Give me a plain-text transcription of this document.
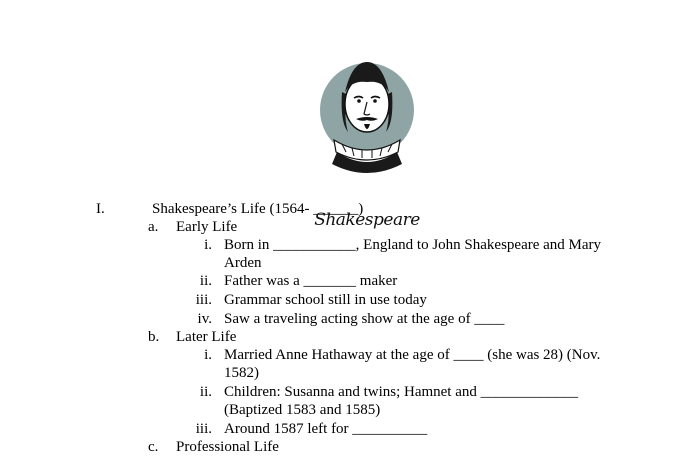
Shakespeare
I.	Shakespeare’s Life (1564- ______)
a.	Early Life
i. Born in ___________, England to John Shakespeare and Mary
Arden
ii. Father was a _______ maker
iii. Grammar school still in use today
iv. Saw a traveling acting show at the age of ____
b.	Later Life
i. Married Anne Hathaway at the age of ____ (she was 28) (Nov.
1582)
ii. Children: Susanna and twins; Hamnet and _____________
(Baptized 1583 and 1585)
iii. Around 1587 left for __________
c.	Professional Life
